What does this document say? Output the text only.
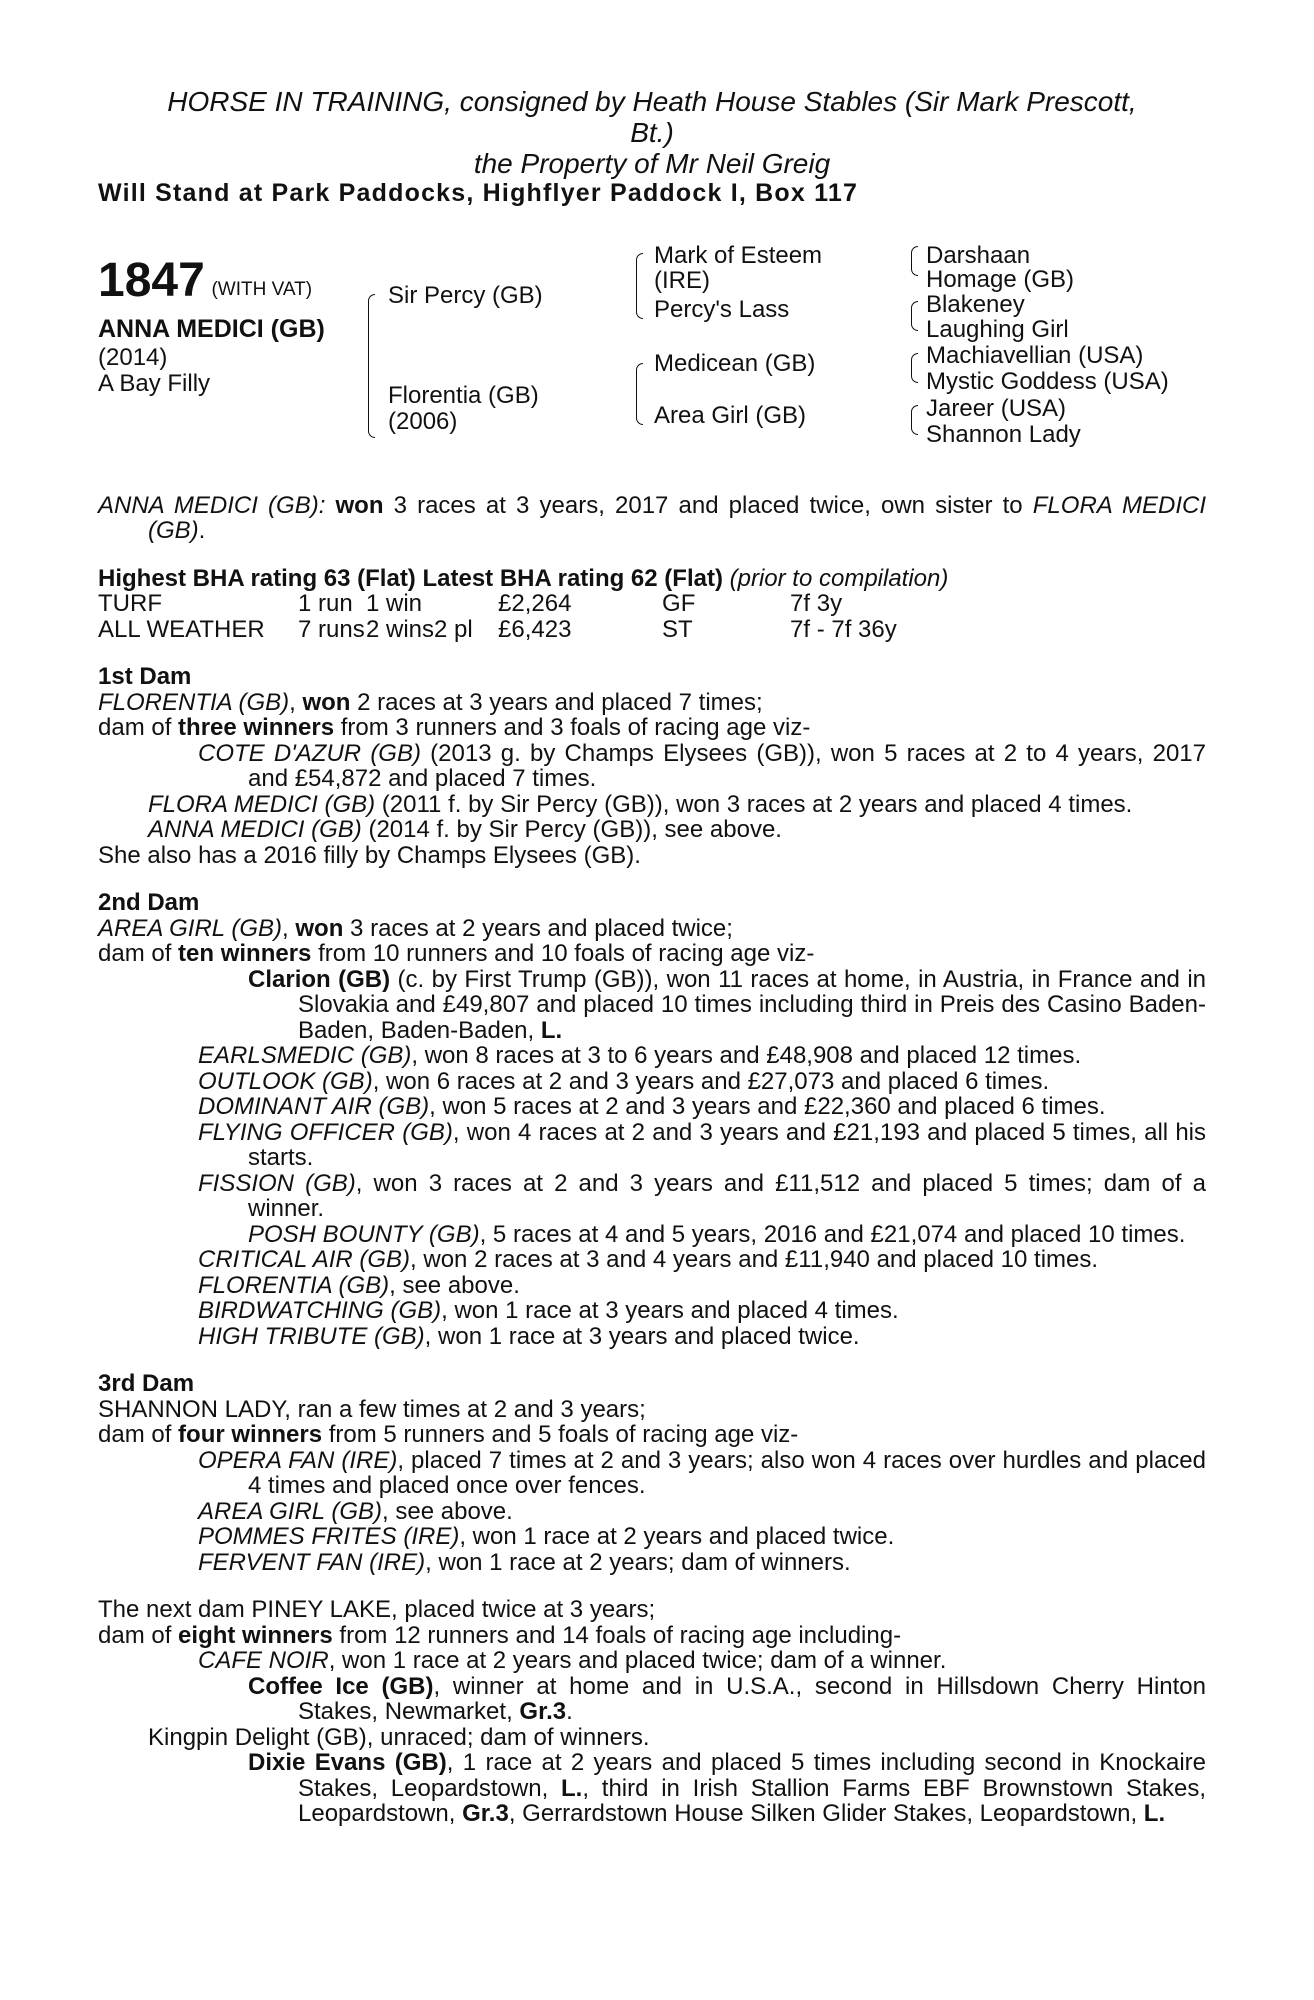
HORSE IN TRAINING, consigned by Heath House Stables (Sir Mark Prescott,
Bt.)
the Property of Mr Neil Greig
Will Stand at Park Paddocks, Highflyer Paddock I, Box 117
1847 (WITH VAT)
ANNA MEDICI (GB)
(2014)
A Bay Filly
Sir Percy (GB)
Florentia (GB)
(2006)
Mark of Esteem
(IRE)
Percy's Lass
Medicean (GB)
Area Girl (GB)
Darshaan
Homage (GB)
Blakeney
Laughing Girl
Machiavellian (USA)
Mystic Goddess (USA)
Jareer (USA)
Shannon Lady
ANNA MEDICI (GB): won 3 races at 3 years, 2017 and placed twice, own sister to FLORA MEDICI (GB).
Highest BHA rating 63 (Flat) Latest BHA rating 62 (Flat) (prior to compilation)
TURF	1 run	1 win		£2,264	GF	7f 3y
ALL WEATHER	7 runs	2 wins	2 pl	£6,423	ST	7f - 7f 36y
1st Dam
FLORENTIA (GB), won 2 races at 3 years and placed 7 times;
dam of three winners from 3 runners and 3 foals of racing age viz-
COTE D'AZUR (GB) (2013 g. by Champs Elysees (GB)), won 5 races at 2 to 4 years, 2017 and £54,872 and placed 7 times.
FLORA MEDICI (GB) (2011 f. by Sir Percy (GB)), won 3 races at 2 years and placed 4 times.
ANNA MEDICI (GB) (2014 f. by Sir Percy (GB)), see above.
She also has a 2016 filly by Champs Elysees (GB).
2nd Dam
AREA GIRL (GB), won 3 races at 2 years and placed twice;
dam of ten winners from 10 runners and 10 foals of racing age viz-
Clarion (GB) (c. by First Trump (GB)), won 11 races at home, in Austria, in France and in Slovakia and £49,807 and placed 10 times including third in Preis des Casino Baden-Baden, Baden-Baden, L.
EARLSMEDIC (GB), won 8 races at 3 to 6 years and £48,908 and placed 12 times.
OUTLOOK (GB), won 6 races at 2 and 3 years and £27,073 and placed 6 times.
DOMINANT AIR (GB), won 5 races at 2 and 3 years and £22,360 and placed 6 times.
FLYING OFFICER (GB), won 4 races at 2 and 3 years and £21,193 and placed 5 times, all his starts.
FISSION (GB), won 3 races at 2 and 3 years and £11,512 and placed 5 times; dam of a winner.
POSH BOUNTY (GB), 5 races at 4 and 5 years, 2016 and £21,074 and placed 10 times.
CRITICAL AIR (GB), won 2 races at 3 and 4 years and £11,940 and placed 10 times.
FLORENTIA (GB), see above.
BIRDWATCHING (GB), won 1 race at 3 years and placed 4 times.
HIGH TRIBUTE (GB), won 1 race at 3 years and placed twice.
3rd Dam
SHANNON LADY, ran a few times at 2 and 3 years;
dam of four winners from 5 runners and 5 foals of racing age viz-
OPERA FAN (IRE), placed 7 times at 2 and 3 years; also won 4 races over hurdles and placed 4 times and placed once over fences.
AREA GIRL (GB), see above.
POMMES FRITES (IRE), won 1 race at 2 years and placed twice.
FERVENT FAN (IRE), won 1 race at 2 years; dam of winners.
The next dam PINEY LAKE, placed twice at 3 years;
dam of eight winners from 12 runners and 14 foals of racing age including-
CAFE NOIR, won 1 race at 2 years and placed twice; dam of a winner.
Coffee Ice (GB), winner at home and in U.S.A., second in Hillsdown Cherry Hinton Stakes, Newmarket, Gr.3.
Kingpin Delight (GB), unraced; dam of winners.
Dixie Evans (GB), 1 race at 2 years and placed 5 times including second in Knockaire Stakes, Leopardstown, L., third in Irish Stallion Farms EBF Brownstown Stakes, Leopardstown, Gr.3, Gerrardstown House Silken Glider Stakes, Leopardstown, L.
